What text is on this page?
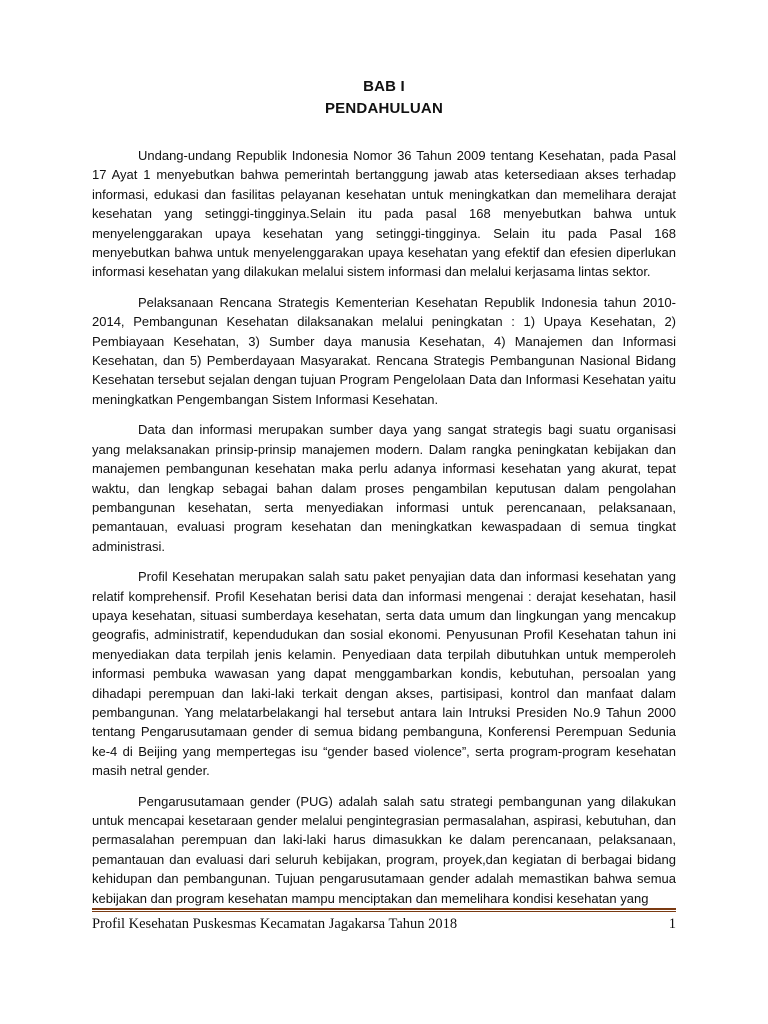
BAB I
PENDAHULUAN

Undang-undang Republik Indonesia Nomor 36 Tahun 2009 tentang Kesehatan, pada Pasal 17 Ayat 1 menyebutkan bahwa pemerintah bertanggung jawab atas ketersediaan akses terhadap informasi, edukasi dan fasilitas pelayanan kesehatan untuk meningkatkan dan memelihara derajat kesehatan yang setinggi-tingginya.Selain itu pada pasal 168 menyebutkan bahwa untuk menyelenggarakan upaya kesehatan yang setinggi-tingginya. Selain itu pada Pasal 168 menyebutkan bahwa untuk menyelenggarakan upaya kesehatan yang efektif dan efesien diperlukan informasi kesehatan yang dilakukan melalui sistem informasi dan melalui kerjasama lintas sektor.

Pelaksanaan Rencana Strategis Kementerian Kesehatan Republik Indonesia tahun 2010-2014, Pembangunan Kesehatan dilaksanakan melalui peningkatan : 1) Upaya Kesehatan, 2) Pembiayaan Kesehatan, 3) Sumber daya manusia Kesehatan, 4) Manajemen dan Informasi Kesehatan, dan 5) Pemberdayaan Masyarakat. Rencana Strategis Pembangunan Nasional Bidang Kesehatan tersebut sejalan dengan tujuan Program Pengelolaan Data dan Informasi Kesehatan yaitu meningkatkan Pengembangan Sistem Informasi Kesehatan.

Data dan informasi merupakan sumber daya yang sangat strategis bagi suatu organisasi yang melaksanakan prinsip-prinsip manajemen modern. Dalam rangka peningkatan kebijakan dan manajemen pembangunan kesehatan maka perlu adanya informasi kesehatan yang akurat, tepat waktu, dan lengkap sebagai bahan dalam proses pengambilan keputusan dalam pengolahan pembangunan kesehatan, serta menyediakan informasi untuk perencanaan, pelaksanaan, pemantauan, evaluasi program kesehatan dan meningkatkan kewaspadaan di semua tingkat administrasi.

Profil Kesehatan merupakan salah satu paket penyajian data dan informasi kesehatan yang relatif komprehensif. Profil Kesehatan berisi data dan informasi mengenai : derajat kesehatan, hasil upaya kesehatan, situasi sumberdaya kesehatan, serta data umum dan lingkungan yang mencakup geografis, administratif, kependudukan dan sosial ekonomi. Penyusunan Profil Kesehatan tahun ini menyediakan data terpilah jenis kelamin. Penyediaan data terpilah dibutuhkan untuk memperoleh informasi pembuka wawasan yang dapat menggambarkan kondis, kebutuhan, persoalan yang dihadapi perempuan dan laki-laki terkait dengan akses, partisipasi, kontrol dan manfaat dalam pembangunan. Yang melatarbelakangi hal tersebut antara lain Intruksi Presiden No.9 Tahun 2000 tentang Pengarusutamaan gender di semua bidang pembanguna, Konferensi Perempuan Sedunia ke-4 di Beijing yang mempertegas isu “gender based violence”, serta program-program kesehatan masih netral gender.

Pengarusutamaan gender (PUG) adalah salah satu strategi pembangunan yang dilakukan untuk mencapai kesetaraan gender melalui pengintegrasian permasalahan, aspirasi, kebutuhan, dan permasalahan perempuan dan laki-laki harus dimasukkan ke dalam perencanaan, pelaksanaan, pemantauan dan evaluasi dari seluruh kebijakan, program, proyek,dan kegiatan di berbagai bidang kehidupan dan pembangunan. Tujuan pengarusutamaan gender adalah memastikan bahwa semua kebijakan dan program kesehatan mampu menciptakan dan memelihara kondisi kesehatan yang

Profil Kesehatan Puskesmas Kecamatan Jagakarsa Tahun 2018	1
